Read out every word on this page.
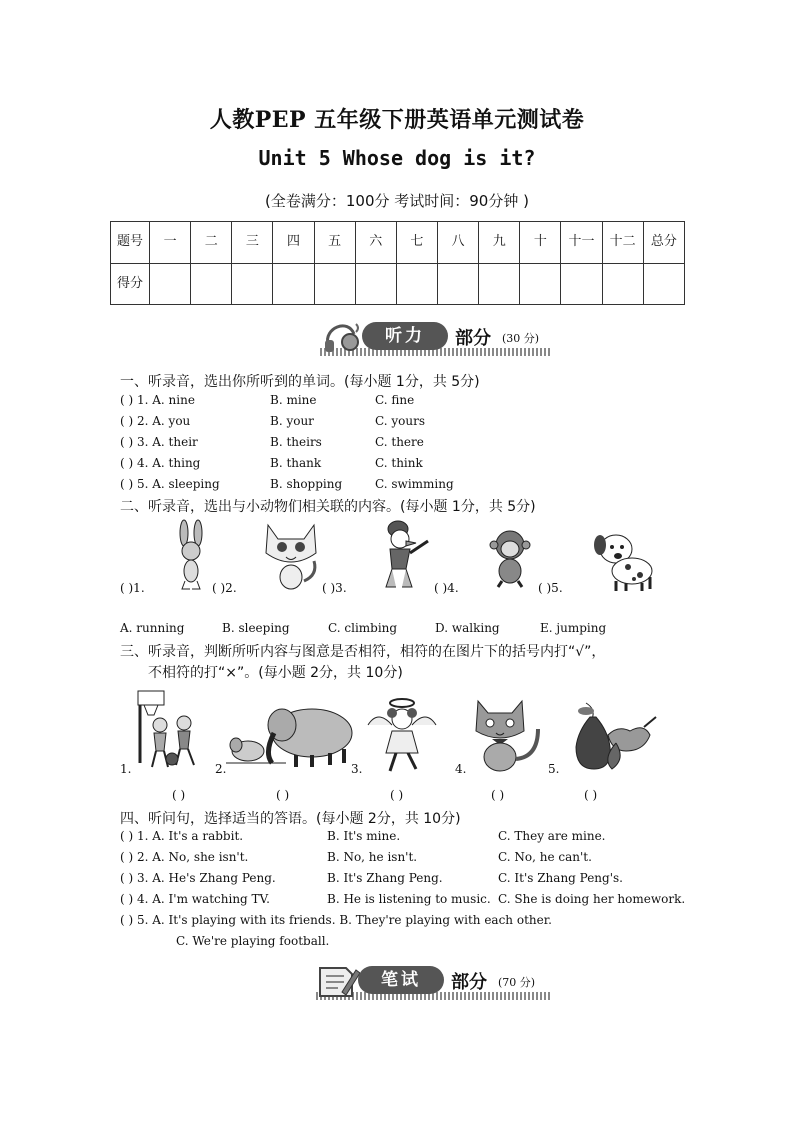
人教PEP 五年级下册英语单元测试卷
Unit 5 Whose dog is it?
(全卷满分：100分 考试时间：90分钟 )
题号	一	二	三	四	五	六	七	八	九	十	十一	十二	总分
得分													
听力	部分 (30 分)
一、听录音，选出你所听到的单词。(每小题 1分，共 5分)
( ) 1. A. nine	B. mine	C. fine
( ) 2. A. you	B. your	C. yours
( ) 3. A. their	B. theirs	C. there
( ) 4. A. thing	B. thank	C. think
( ) 5. A. sleeping	B. shopping	C. swimming
二、听录音，选出与小动物们相关联的内容。(每小题 1分，共 5分)
( )1.	( )2.	( )3.	( )4.	( )5.
A. running	B. sleeping	C. climbing	D. walking	E. jumping
三、听录音，判断所听内容与图意是否相符，相符的在图片下的括号内打“√”，
不相符的打“×”。(每小题 2分，共 10分)
1.	2.	3.	4.	5.
( )	( )	( )	( )	( )
四、听问句，选择适当的答语。(每小题 2分，共 10分)
( ) 1. A. It's a rabbit.	B. It's mine.	C. They are mine.
( ) 2. A. No, she isn't.	B. No, he isn't.	C. No, he can't.
( ) 3. A. He's Zhang Peng.	B. It's Zhang Peng.	C. It's Zhang Peng's.
( ) 4. A. I'm watching TV.	B. He is listening to music. C. She is doing her homework.
( ) 5. A. It's playing with its friends. B. They're playing with each other.
C. We're playing football.
笔试	部分 (70 分)
